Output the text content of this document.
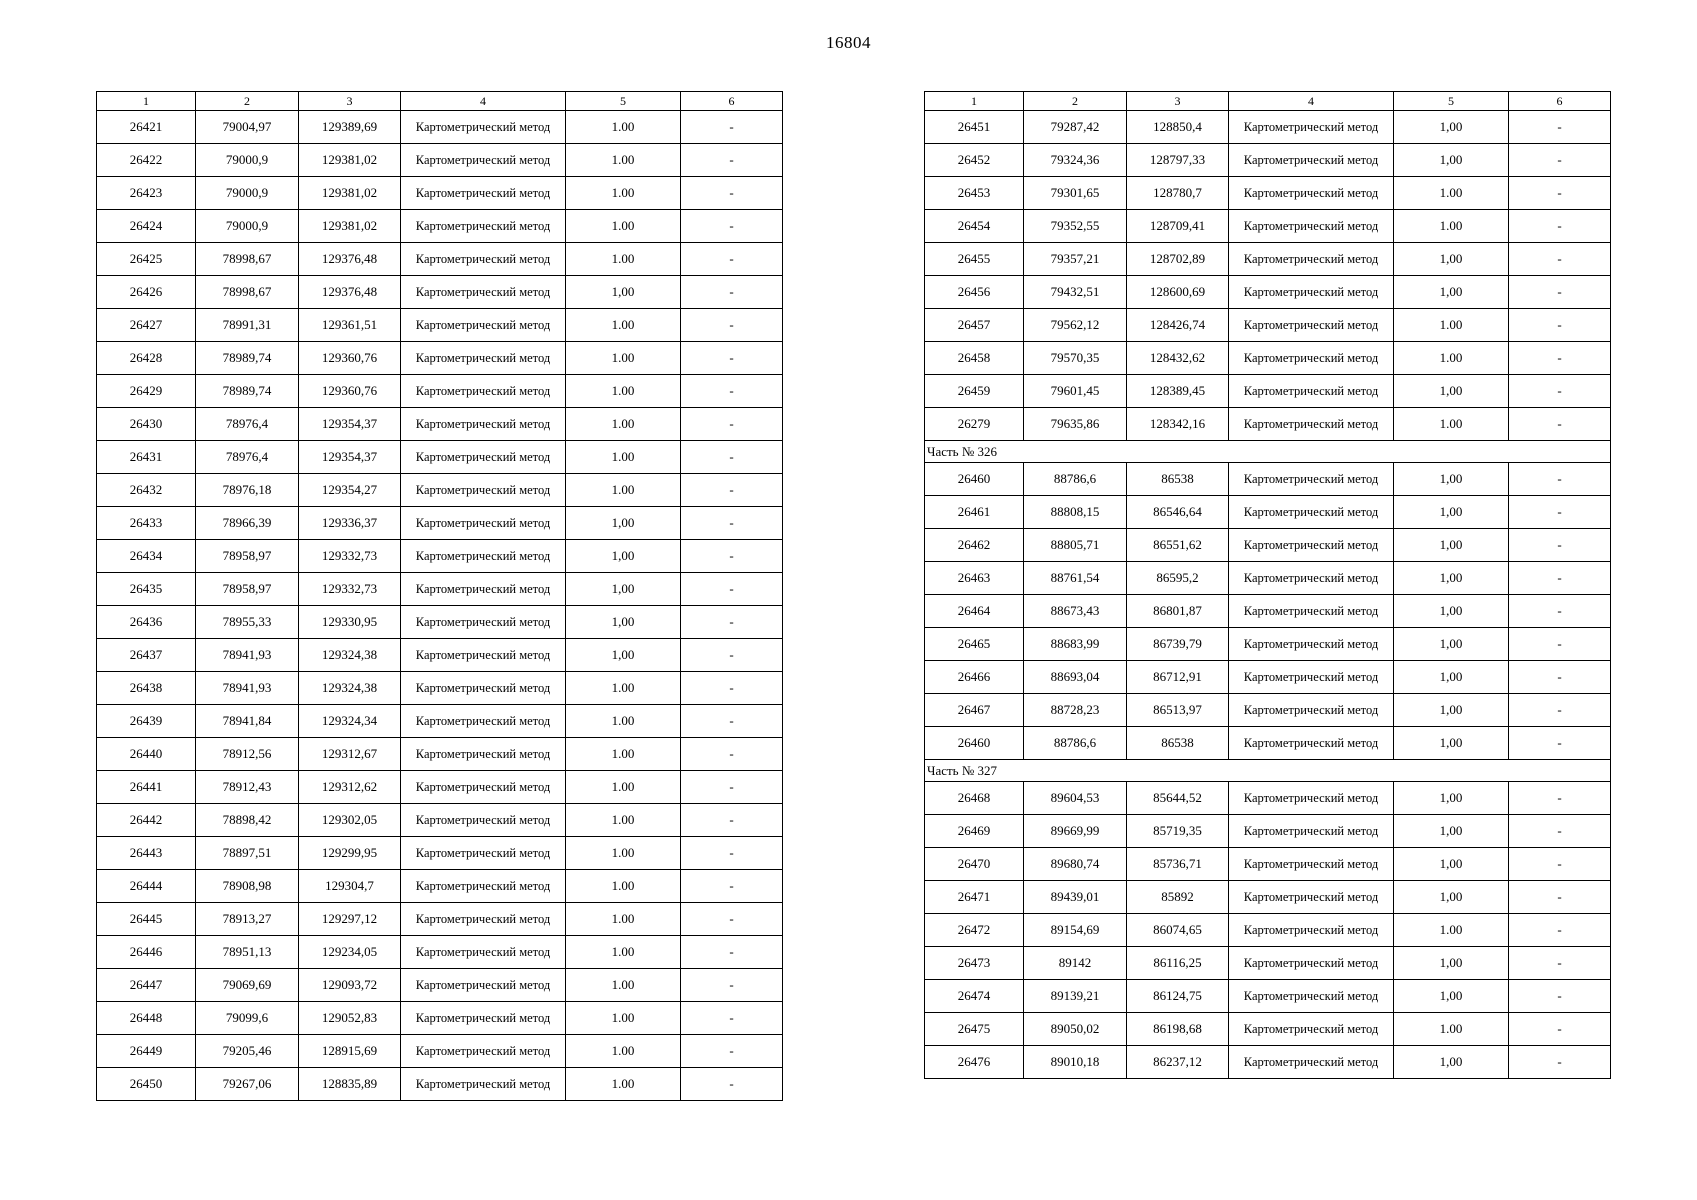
16804
1	2	3	4	5	6
26421	79004,97	129389,69	Картометрический метод	1.00	-
26422	79000,9	129381,02	Картометрический метод	1.00	-
26423	79000,9	129381,02	Картометрический метод	1.00	-
26424	79000,9	129381,02	Картометрический метод	1.00	-
26425	78998,67	129376,48	Картометрический метод	1.00	-
26426	78998,67	129376,48	Картометрический метод	1,00	-
26427	78991,31	129361,51	Картометрический метод	1.00	-
26428	78989,74	129360,76	Картометрический метод	1.00	-
26429	78989,74	129360,76	Картометрический метод	1.00	-
26430	78976,4	129354,37	Картометрический метод	1.00	-
26431	78976,4	129354,37	Картометрический метод	1.00	-
26432	78976,18	129354,27	Картометрический метод	1.00	-
26433	78966,39	129336,37	Картометрический метод	1,00	-
26434	78958,97	129332,73	Картометрический метод	1,00	-
26435	78958,97	129332,73	Картометрический метод	1,00	-
26436	78955,33	129330,95	Картометрический метод	1,00	-
26437	78941,93	129324,38	Картометрический метод	1,00	-
26438	78941,93	129324,38	Картометрический метод	1.00	-
26439	78941,84	129324,34	Картометрический метод	1.00	-
26440	78912,56	129312,67	Картометрический метод	1.00	-
26441	78912,43	129312,62	Картометрический метод	1.00	-
26442	78898,42	129302,05	Картометрический метод	1.00	-
26443	78897,51	129299,95	Картометрический метод	1.00	-
26444	78908,98	129304,7	Картометрический метод	1.00	-
26445	78913,27	129297,12	Картометрический метод	1.00	-
26446	78951,13	129234,05	Картометрический метод	1.00	-
26447	79069,69	129093,72	Картометрический метод	1.00	-
26448	79099,6	129052,83	Картометрический метод	1.00	-
26449	79205,46	128915,69	Картометрический метод	1.00	-
26450	79267,06	128835,89	Картометрический метод	1.00	-
1	2	3	4	5	6
26451	79287,42	128850,4	Картометрический метод	1,00	-
26452	79324,36	128797,33	Картометрический метод	1,00	-
26453	79301,65	128780,7	Картометрический метод	1.00	-
26454	79352,55	128709,41	Картометрический метод	1.00	-
26455	79357,21	128702,89	Картометрический метод	1,00	-
26456	79432,51	128600,69	Картометрический метод	1,00	-
26457	79562,12	128426,74	Картометрический метод	1.00	-
26458	79570,35	128432,62	Картометрический метод	1.00	-
26459	79601,45	128389,45	Картометрический метод	1,00	-
26279	79635,86	128342,16	Картометрический метод	1.00	-
Часть № 326					
26460	88786,6	86538	Картометрический метод	1,00	-
26461	88808,15	86546,64	Картометрический метод	1,00	-
26462	88805,71	86551,62	Картометрический метод	1,00	-
26463	88761,54	86595,2	Картометрический метод	1,00	-
26464	88673,43	86801,87	Картометрический метод	1,00	-
26465	88683,99	86739,79	Картометрический метод	1,00	-
26466	88693,04	86712,91	Картометрический метод	1,00	-
26467	88728,23	86513,97	Картометрический метод	1,00	-
26460	88786,6	86538	Картометрический метод	1,00	-
Часть № 327					
26468	89604,53	85644,52	Картометрический метод	1,00	-
26469	89669,99	85719,35	Картометрический метод	1,00	-
26470	89680,74	85736,71	Картометрический метод	1,00	-
26471	89439,01	85892	Картометрический метод	1,00	-
26472	89154,69	86074,65	Картометрический метод	1.00	-
26473	89142	86116,25	Картометрический метод	1,00	-
26474	89139,21	86124,75	Картометрический метод	1,00	-
26475	89050,02	86198,68	Картометрический метод	1.00	-
26476	89010,18	86237,12	Картометрический метод	1,00	-
